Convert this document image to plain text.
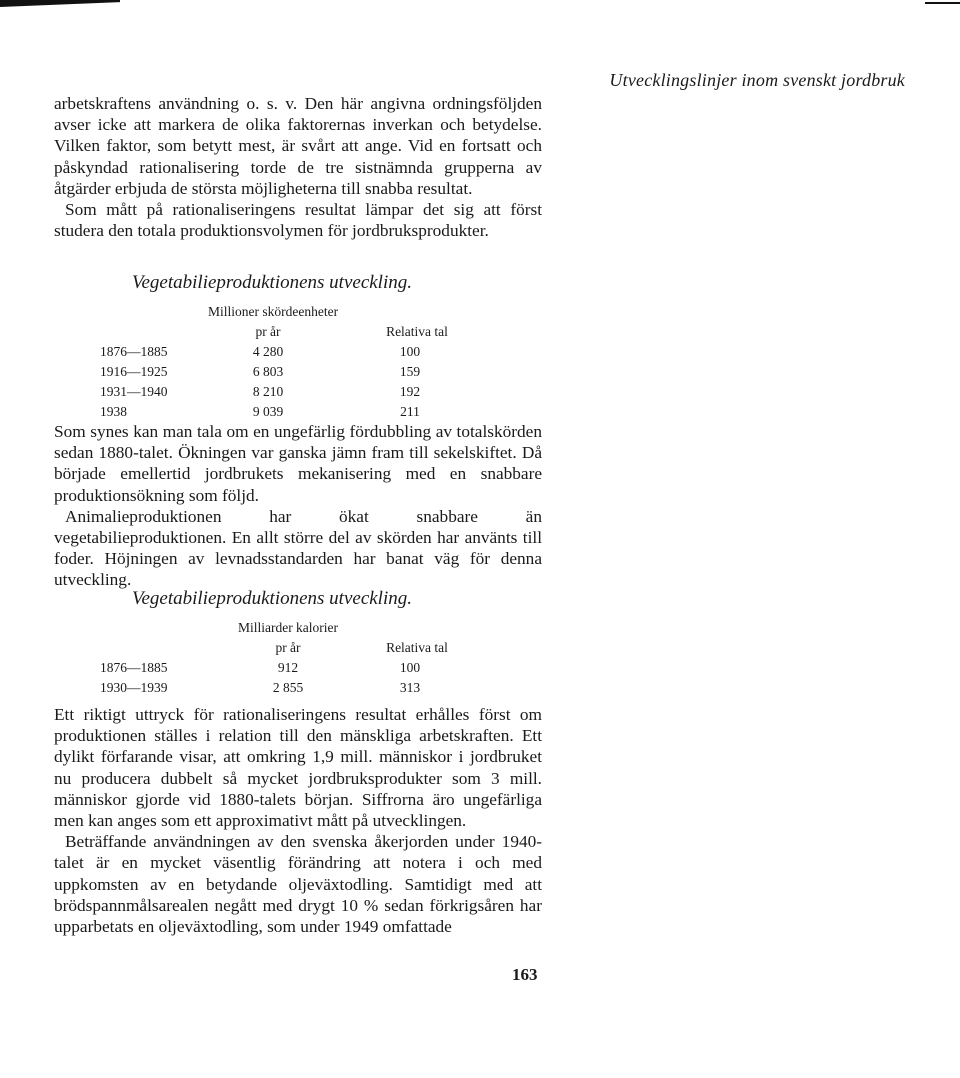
Utvecklingslinjer inom svenskt jordbruk

arbetskraftens användning o. s. v. Den här angivna ordningsföljden avser icke att markera de olika faktorernas inverkan och betydelse. Vilken faktor, som betytt mest, är svårt att ange. Vid en fortsatt och påskyndad rationalisering torde de tre sistnämnda grupperna av åtgärder erbjuda de största möjligheterna till snabba resultat.

Som mått på rationaliseringens resultat lämpar det sig att först studera den totala produktionsvolymen för jordbruksprodukter.

Vegetabilieproduktionens utveckling.
Millioner skördeenheter
pr år	Relativa tal
1876—1885	4 280	100
1916—1925	6 803	159
1931—1940	8 210	192
1938	9 039	211

Som synes kan man tala om en ungefärlig fördubbling av totalskörden sedan 1880-talet. Ökningen var ganska jämn fram till sekelskiftet. Då började emellertid jordbrukets mekanisering med en snabbare produktionsökning som följd.

Animalieproduktionen har ökat snabbare än vegetabilieproduktionen. En allt större del av skörden har använts till foder. Höjningen av levnadsstandarden har banat väg för denna utveckling.

Vegetabilieproduktionens utveckling.
Milliarder kalorier
pr år	Relativa tal
1876—1885	912	100
1930—1939	2 855	313

Ett riktigt uttryck för rationaliseringens resultat erhålles först om produktionen ställes i relation till den mänskliga arbetskraften. Ett dylikt förfarande visar, att omkring 1,9 mill. människor i jordbruket nu producera dubbelt så mycket jordbruksprodukter som 3 mill. människor gjorde vid 1880-talets början. Siffrorna äro ungefärliga men kan anges som ett approximativt mått på utvecklingen.

Beträffande användningen av den svenska åkerjorden under 1940-talet är en mycket väsentlig förändring att notera i och med uppkomsten av en betydande oljeväxtodling. Samtidigt med att brödspannmålsarealen negått med drygt 10 % sedan förkrigsåren har upparbetats en oljeväxtodling, som under 1949 omfattade

163
